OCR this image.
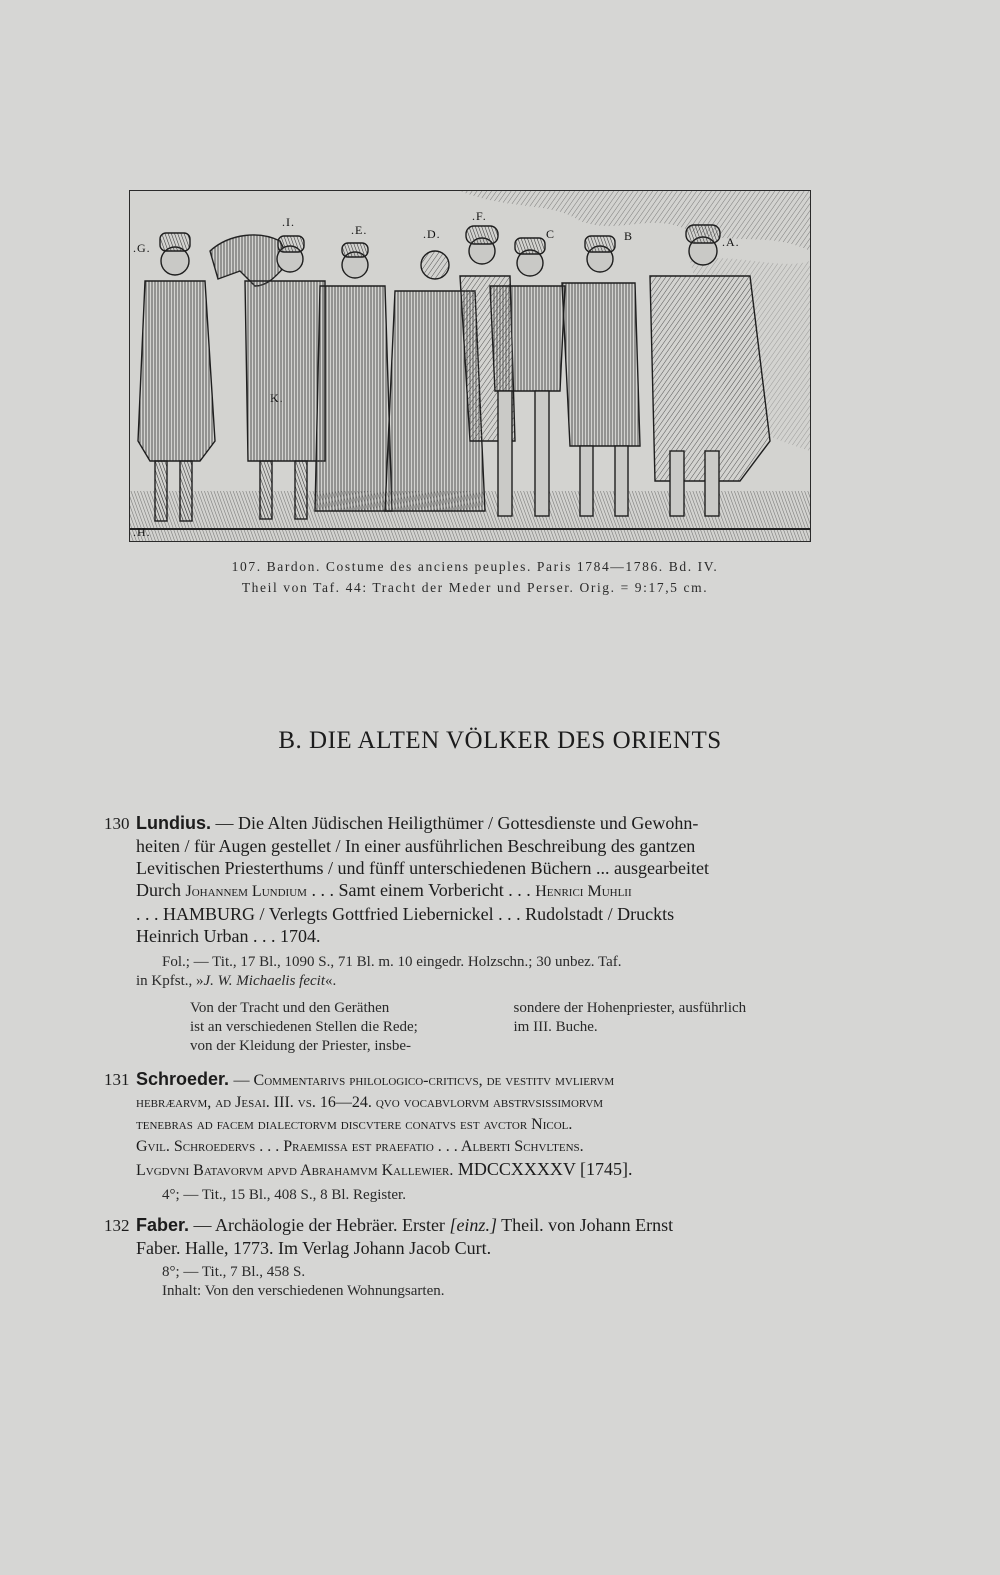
.G.
.I.
.E.	.D.
.F.
C	B	.A.
K.
.H.
107. Bardon. Costume des anciens peuples. Paris 1784—1786. Bd. IV.
Theil von Taf. 44: Tracht der Meder und Perser. Orig. = 9:17,5 cm.
B. DIE ALTEN VÖLKER DES ORIENTS
130 Lundius. — Die Alten Jüdischen Heiligthümer / Gottesdienste und Gewohn-
heiten / für Augen gestellet / In einer ausführlichen Beschreibung des gantzen
Levitischen Priesterthums / und fünff unterschiedenen Büchern ... ausgearbeitet
Durch Johannem Lundium . . . Samt einem Vorbericht . . . Henrici Muhlii
. . . HAMBURG / Verlegts Gottfried Liebernickel . . . Rudolstadt / Druckts
Heinrich Urban . . . 1704.
Fol.; — Tit., 17 Bl., 1090 S., 71 Bl. m. 10 eingedr. Holzschn.; 30 unbez. Taf.
in Kpfst., »J. W. Michaelis fecit«.
Von der Tracht und den Geräthen
ist an verschiedenen Stellen die Rede;
von der Kleidung der Priester, insbe-
sondere der Hohenpriester, ausführlich
im III. Buche.
131 Schroeder. — Commentarivs philologico-criticvs, de vestitv mvliervm
hebræarvm, ad Jesai. III. vs. 16—24. qvo vocabvlorvm abstrvsissimorvm
tenebras ad facem dialectorvm discvtere conatvs est avctor Nicol.
Gvil. Schroedervs . . . Praemissa est praefatio . . . Alberti Schvltens.
Lvgdvni Batavorvm apvd Abrahamvm Kallewier. MDCCXXXXV [1745].
4°; — Tit., 15 Bl., 408 S., 8 Bl. Register.
132 Faber. — Archäologie der Hebräer. Erster [einz.] Theil. von Johann Ernst
Faber. Halle, 1773. Im Verlag Johann Jacob Curt.
8°; — Tit., 7 Bl., 458 S.
Inhalt: Von den verschiedenen Wohnungsarten.
